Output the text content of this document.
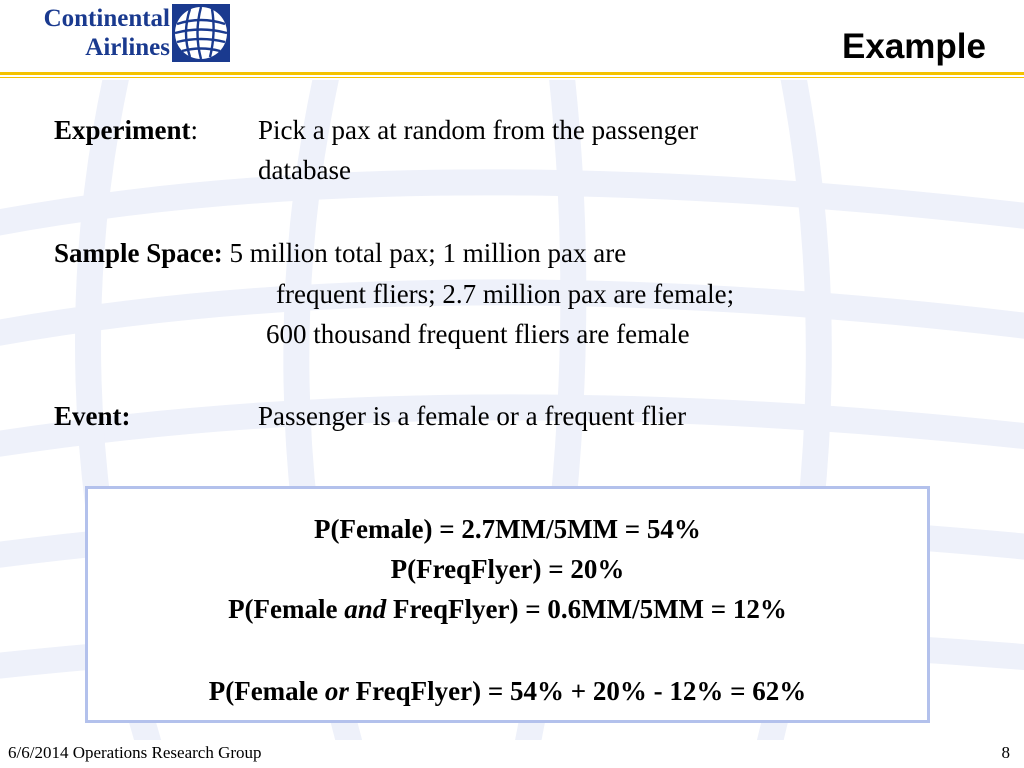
Continental
Airlines	Example
Experiment: Pick a pax at random from the passenger
database
Sample Space: 5 million total pax; 1 million pax are
frequent fliers; 2.7 million pax are female;
600 thousand frequent fliers are female
Event:	Passenger is a female or a frequent flier
P(Female) = 2.7MM/5MM = 54%
P(FreqFlyer) = 20%
P(Female and FreqFlyer) = 0.6MM/5MM = 12%
P(Female or FreqFlyer) = 54% + 20% - 12% = 62%
6/6/2014 Operations Research Group	8
